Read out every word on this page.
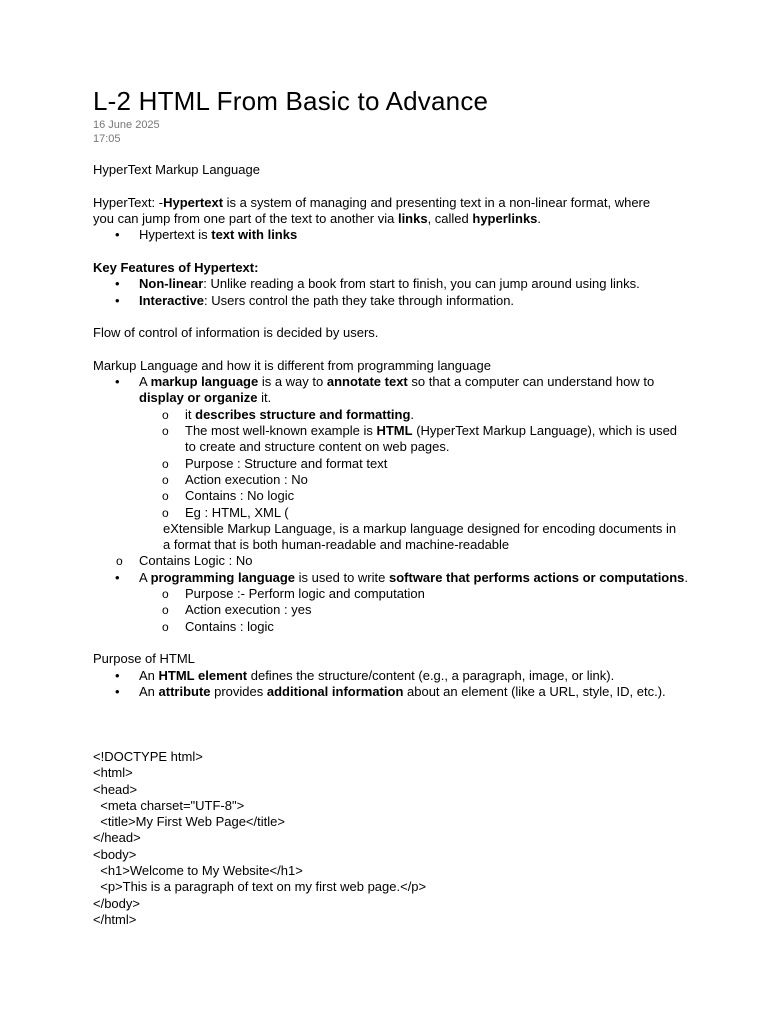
L-2 HTML From Basic to Advance
16 June 2025
17:05
HyperText Markup Language
HyperText: -Hypertext is a system of managing and presenting text in a non-linear format, where
you can jump from one part of the text to another via links, called hyperlinks.
• Hypertext is text with links
Key Features of Hypertext:
• Non-linear: Unlike reading a book from start to finish, you can jump around using links.
• Interactive: Users control the path they take through information.
Flow of control of information is decided by users.
Markup Language and how it is different from programming language
• A markup language is a way to annotate text so that a computer can understand how to
display or organize it.
o it describes structure and formatting.
o The most well-known example is HTML (HyperText Markup Language), which is used
to create and structure content on web pages.
o Purpose : Structure and format text
o Action execution : No
o Contains : No logic
o Eg : HTML, XML (
eXtensible Markup Language, is a markup language designed for encoding documents in
a format that is both human-readable and machine-readable
o Contains Logic : No
• A programming language is used to write software that performs actions or computations.
o Purpose :- Perform logic and computation
o Action execution : yes
o Contains : logic
Purpose of HTML
• An HTML element defines the structure/content (e.g., a paragraph, image, or link).
• An attribute provides additional information about an element (like a URL, style, ID, etc.).
<!DOCTYPE html>
<html>
<head>
<meta charset="UTF-8">
<title>My First Web Page</title>
</head>
<body>
<h1>Welcome to My Website</h1>
<p>This is a paragraph of text on my first web page.</p>
</body>
</html>
